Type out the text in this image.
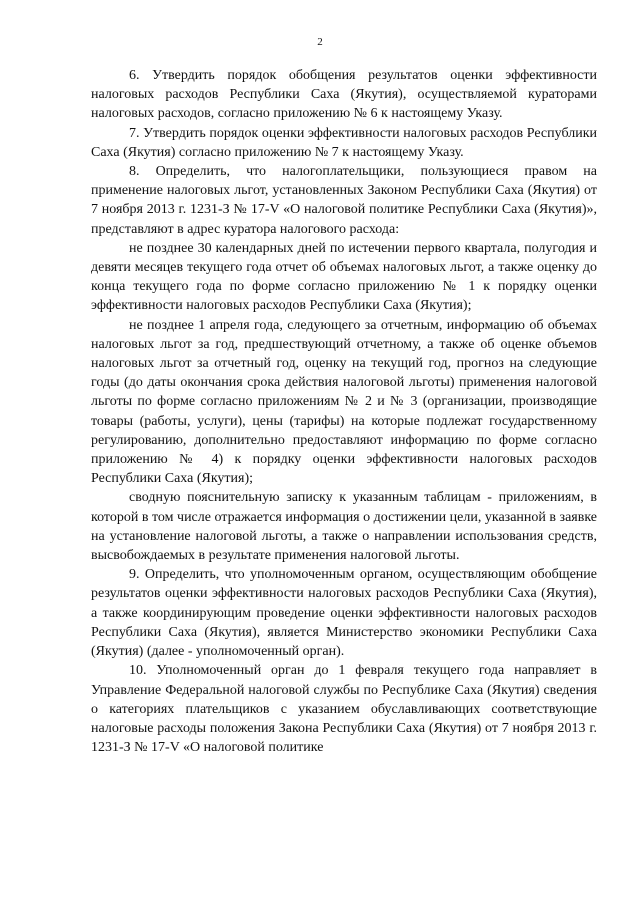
2

6. Утвердить порядок обобщения результатов оценки эффективности налоговых расходов Республики Саха (Якутия), осуществляемой кураторами налоговых расходов, согласно приложению № 6 к настоящему Указу.

7. Утвердить порядок оценки эффективности налоговых расходов Республики Саха (Якутия) согласно приложению № 7 к настоящему Указу.

8. Определить, что налогоплательщики, пользующиеся правом на применение налоговых льгот, установленных Законом Республики Саха (Якутия) от 7 ноября 2013 г. 1231-З № 17-V «О налоговой политике Республики Саха (Якутия)», представляют в адрес куратора налогового расхода:

не позднее 30 календарных дней по истечении первого квартала, полугодия и девяти месяцев текущего года отчет об объемах налоговых льгот, а также оценку до конца текущего года по форме согласно приложению № 1 к порядку оценки эффективности налоговых расходов Республики Саха (Якутия);

не позднее 1 апреля года, следующего за отчетным, информацию об объемах налоговых льгот за год, предшествующий отчетному, а также об оценке объемов налоговых льгот за отчетный год, оценку на текущий год, прогноз на следующие годы (до даты окончания срока действия налоговой льготы) применения налоговой льготы по форме согласно приложениям № 2 и № 3 (организации, производящие товары (работы, услуги), цены (тарифы) на которые подлежат государственному регулированию, дополнительно предоставляют информацию по форме согласно приложению № 4) к порядку оценки эффективности налоговых расходов Республики Саха (Якутия);

сводную пояснительную записку к указанным таблицам - приложениям, в которой в том числе отражается информация о достижении цели, указанной в заявке на установление налоговой льготы, а также о направлении использования средств, высвобождаемых в результате применения налоговой льготы.

9. Определить, что уполномоченным органом, осуществляющим обобщение результатов оценки эффективности налоговых расходов Республики Саха (Якутия), а также координирующим проведение оценки эффективности налоговых расходов Республики Саха (Якутия), является Министерство экономики Республики Саха (Якутия) (далее - уполномоченный орган).

10. Уполномоченный орган до 1 февраля текущего года направляет в Управление Федеральной налоговой службы по Республике Саха (Якутия) сведения о категориях плательщиков с указанием обуславливающих соответствующие налоговые расходы положения Закона Республики Саха (Якутия) от 7 ноября 2013 г. 1231-З № 17-V «О налоговой политике
